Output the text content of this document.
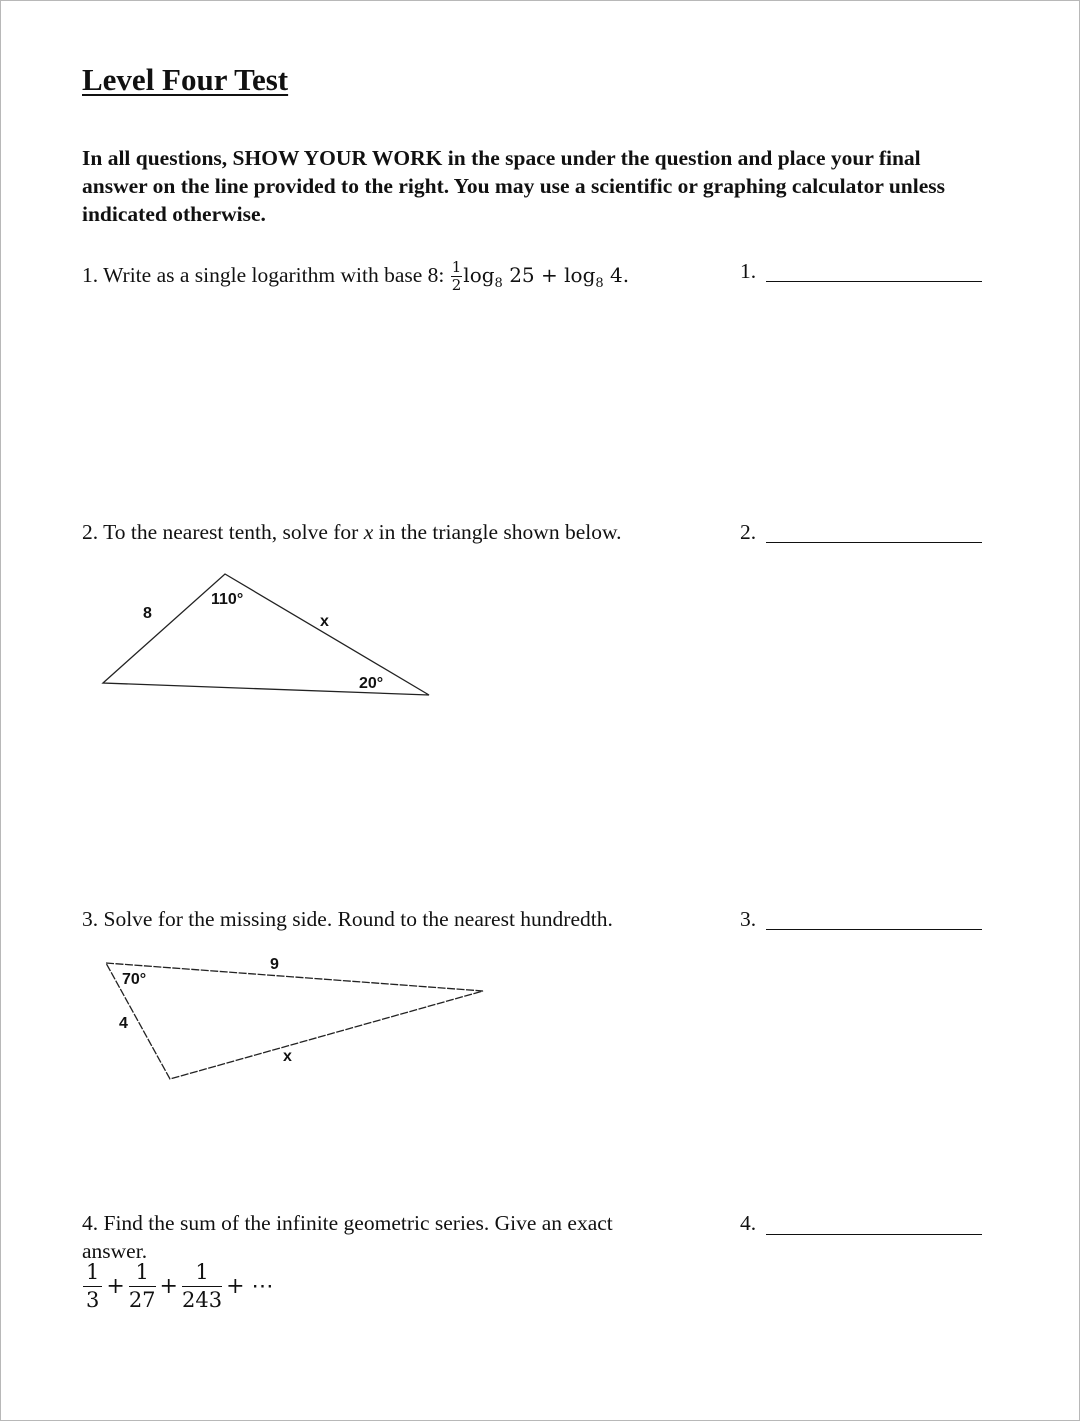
Level Four Test

In all questions, SHOW YOUR WORK in the space under the question and place your final answer on the line provided to the right. You may use a scientific or graphing calculator unless indicated otherwise.

1. Write as a single logarithm with base 8: $\frac{1}{2} \log_8 25 + \log_8 4$.	1.

2. To the nearest tenth, solve for x in the triangle shown below.	2.
8
110°
x
20°

3. Solve for the missing side. Round to the nearest hundredth.	3.
70°
9
4
x

4. Find the sum of the infinite geometric series. Give an exact

answer.

4.
$\frac{1}{3} + \frac{1}{27} + \frac{1}{243}$ + ⋯
